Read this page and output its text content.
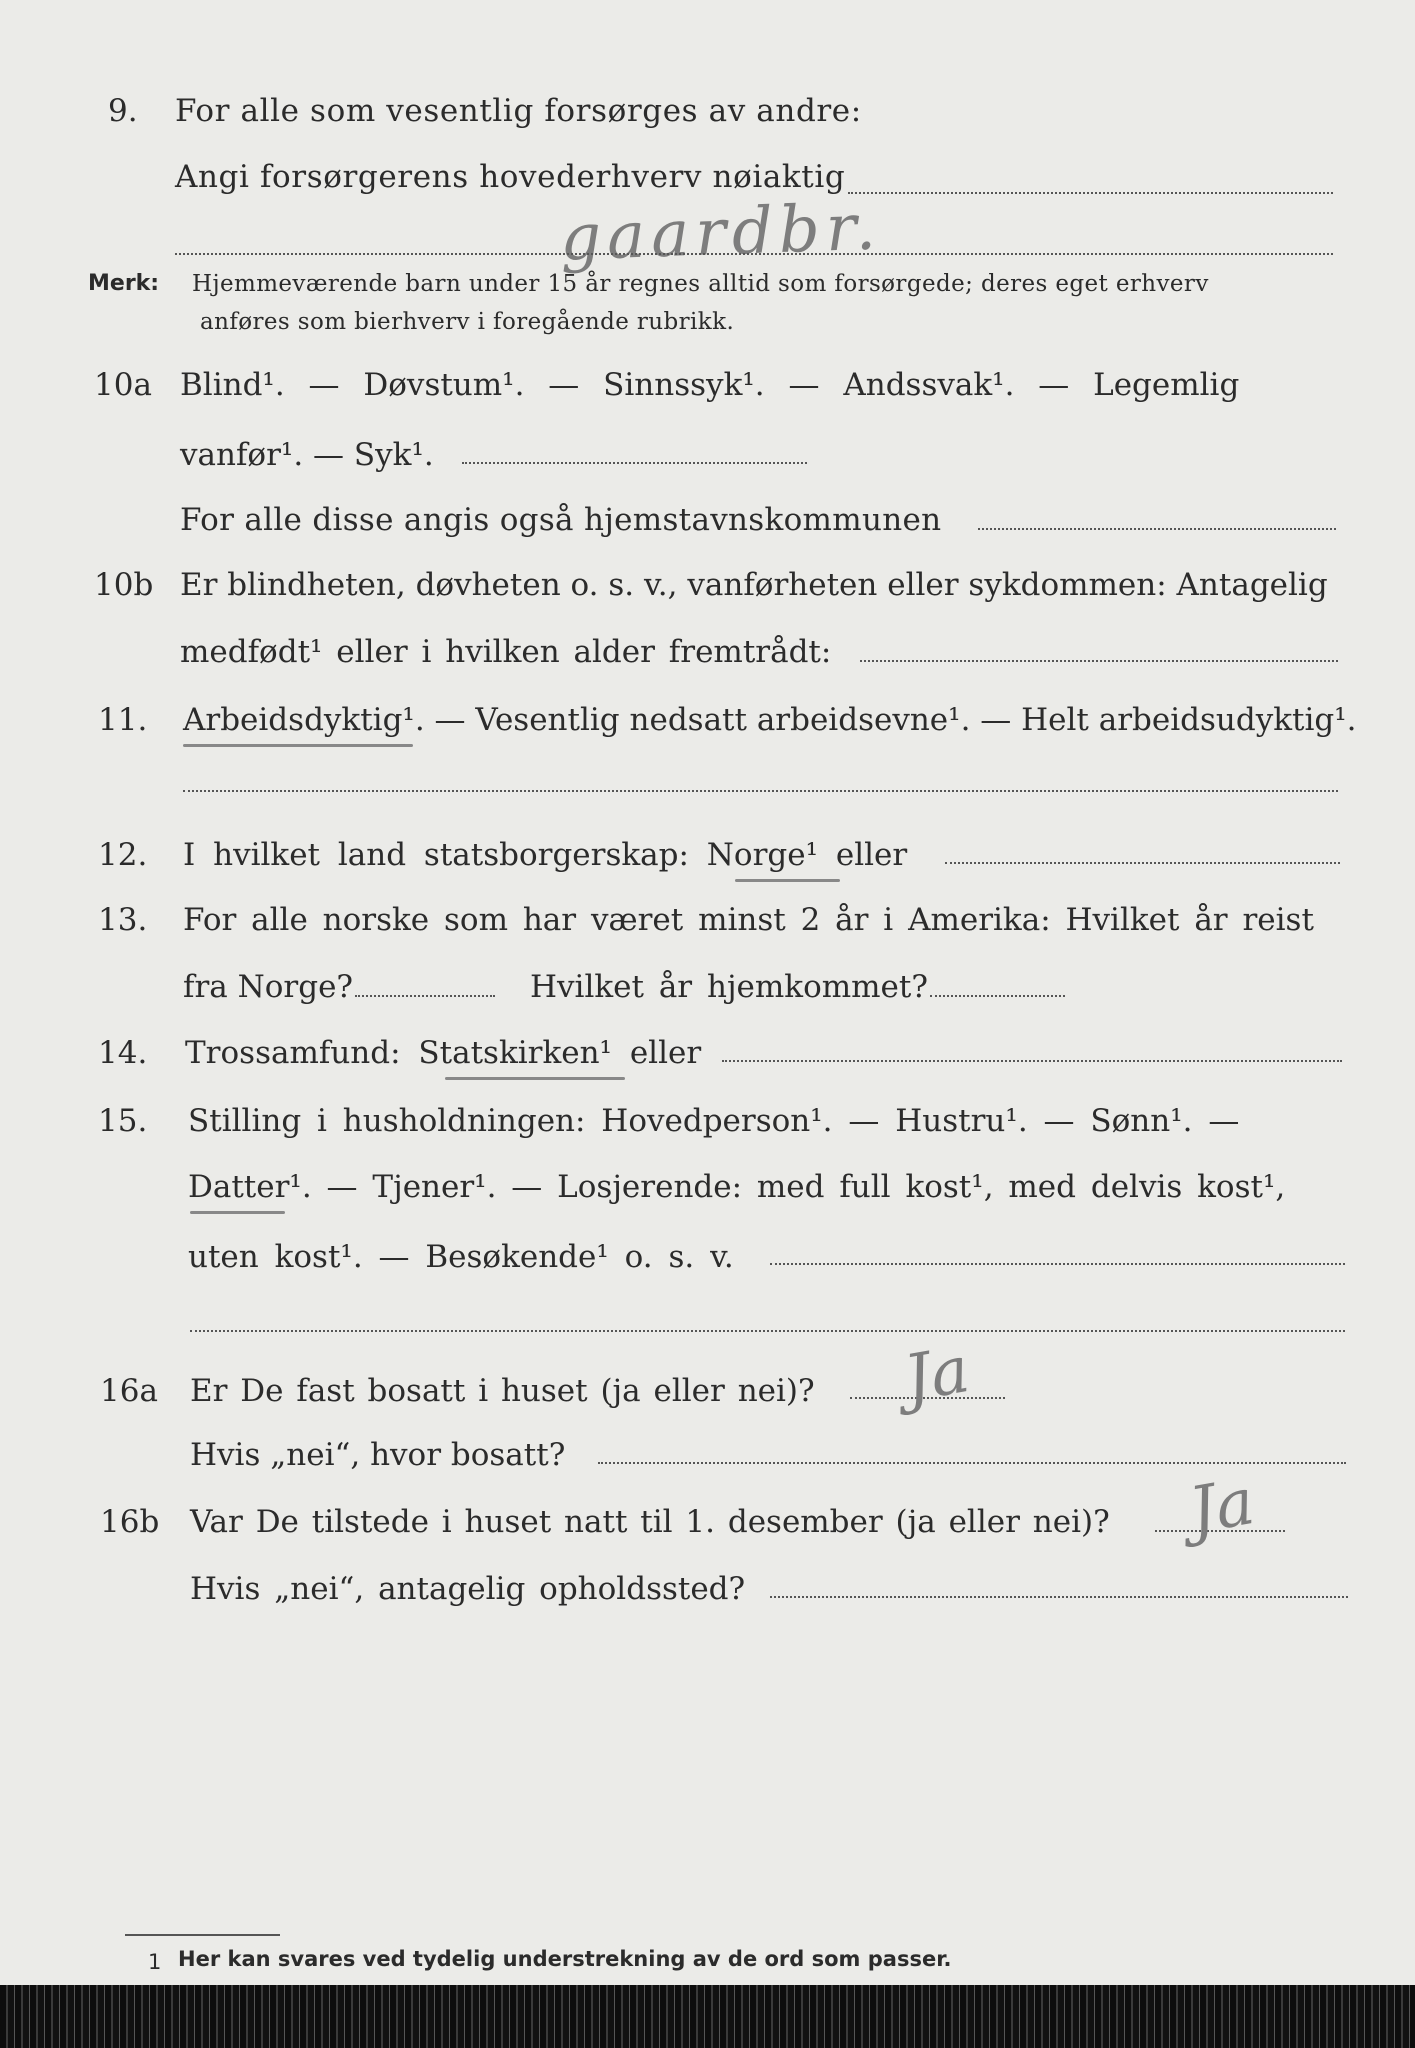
9. For alle som vesentlig forsørges av andre:
Angi forsørgerens hovederhverv nøiaktig
gaardbr.
Merk: Hjemmeværende barn under 15 år regnes alltid som forsørgede; deres eget erhverv
anføres som bierhverv i foregående rubrikk.
10a Blind¹. — Døvstum¹. — Sinnssyk¹. — Andssvak¹. — Legemlig
vanfør¹. — Syk¹.
For alle disse angis også hjemstavnskommunen
10b Er blindheten, døvheten o. s. v., vanførheten eller sykdommen: Antagelig
medfødt¹ eller i hvilken alder fremtrådt:
11. Arbeidsdyktig¹. — Vesentlig nedsatt arbeidsevne¹. — Helt arbeidsudyktig¹.
12. I hvilket land statsborgerskap: Norge¹ eller
13. For alle norske som har været minst 2 år i Amerika: Hvilket år reist
fra Norge?	Hvilket år hjemkommet?
14. Trossamfund: Statskirken¹ eller
15. Stilling i husholdningen: Hovedperson¹. — Hustru¹. — Sønn¹. —
Datter¹. — Tjener¹. — Losjerende: med full kost¹, med delvis kost¹,
uten kost¹. — Besøkende¹ o. s. v.
16a Er De fast bosatt i huset (ja eller nei)? Ja
Hvis „nei“, hvor bosatt?
16b Var De tilstede i huset natt til 1. desember (ja eller nei)? Ja
Hvis „nei“, antagelig opholdssted?
1 Her kan svares ved tydelig understrekning av de ord som passer.
